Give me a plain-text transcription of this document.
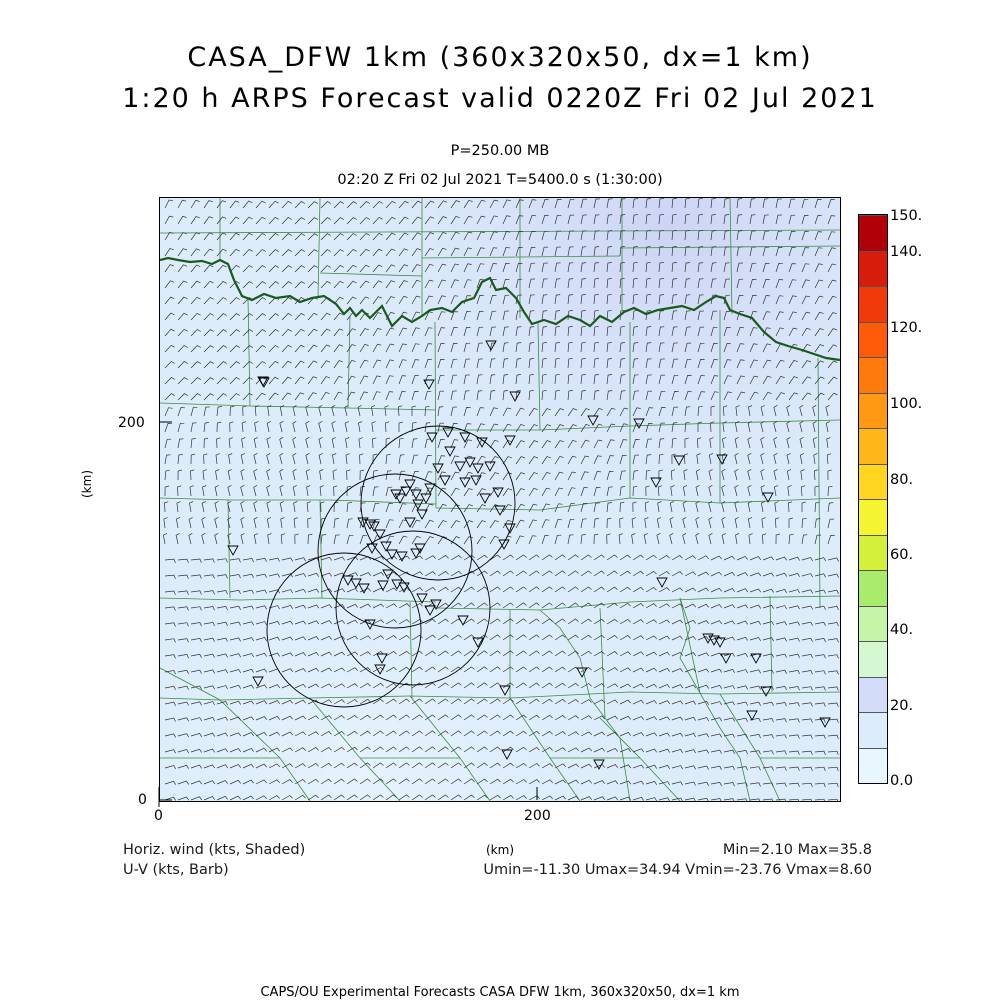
CASA_DFW 1km (360x320x50, dx=1 km)
1:20 h ARPS Forecast valid 0220Z Fri 02 Jul 2021
P=250.00 MB
02:20 Z Fri 02 Jul 2021 T=5400.0 s (1:30:00)
200
0
0	200
(km)
(km)
150.
140.
120.
100.
80.
60.
40.
20.
0.0
Horiz. wind (kts, Shaded)
U-V (kts, Barb)
Min=2.10 Max=35.8
Umin=-11.30 Umax=34.94 Vmin=-23.76 Vmax=8.60
CAPS/OU Experimental Forecasts CASA DFW 1km, 360x320x50, dx=1 km
